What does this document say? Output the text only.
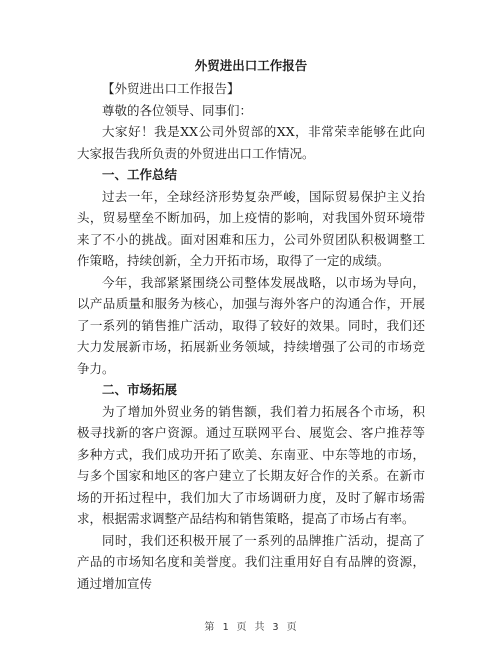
外贸进出口工作报告

【外贸进出口工作报告】

尊敬的各位领导、同事们：

大家好！我是XX公司外贸部的XX，非常荣幸能够在此向大家报告我所负责的外贸进出口工作情况。

一、工作总结

过去一年，全球经济形势复杂严峻，国际贸易保护主义抬头，贸易壁垒不断加码，加上疫情的影响，对我国外贸环境带来了不小的挑战。面对困难和压力，公司外贸团队积极调整工作策略，持续创新，全力开拓市场，取得了一定的成绩。

今年，我部紧紧围绕公司整体发展战略，以市场为导向，以产品质量和服务为核心，加强与海外客户的沟通合作，开展了一系列的销售推广活动，取得了较好的效果。同时，我们还大力发展新市场，拓展新业务领域，持续增强了公司的市场竞争力。

二、市场拓展

为了增加外贸业务的销售额，我们着力拓展各个市场，积极寻找新的客户资源。通过互联网平台、展览会、客户推荐等多种方式，我们成功开拓了欧美、东南亚、中东等地的市场，与多个国家和地区的客户建立了长期友好合作的关系。在新市场的开拓过程中，我们加大了市场调研力度，及时了解市场需求，根据需求调整产品结构和销售策略，提高了市场占有率。

同时，我们还积极开展了一系列的品牌推广活动，提高了产品的市场知名度和美誉度。我们注重用好自有品牌的资源，通过增加宣传

第 1 页 共 3 页
